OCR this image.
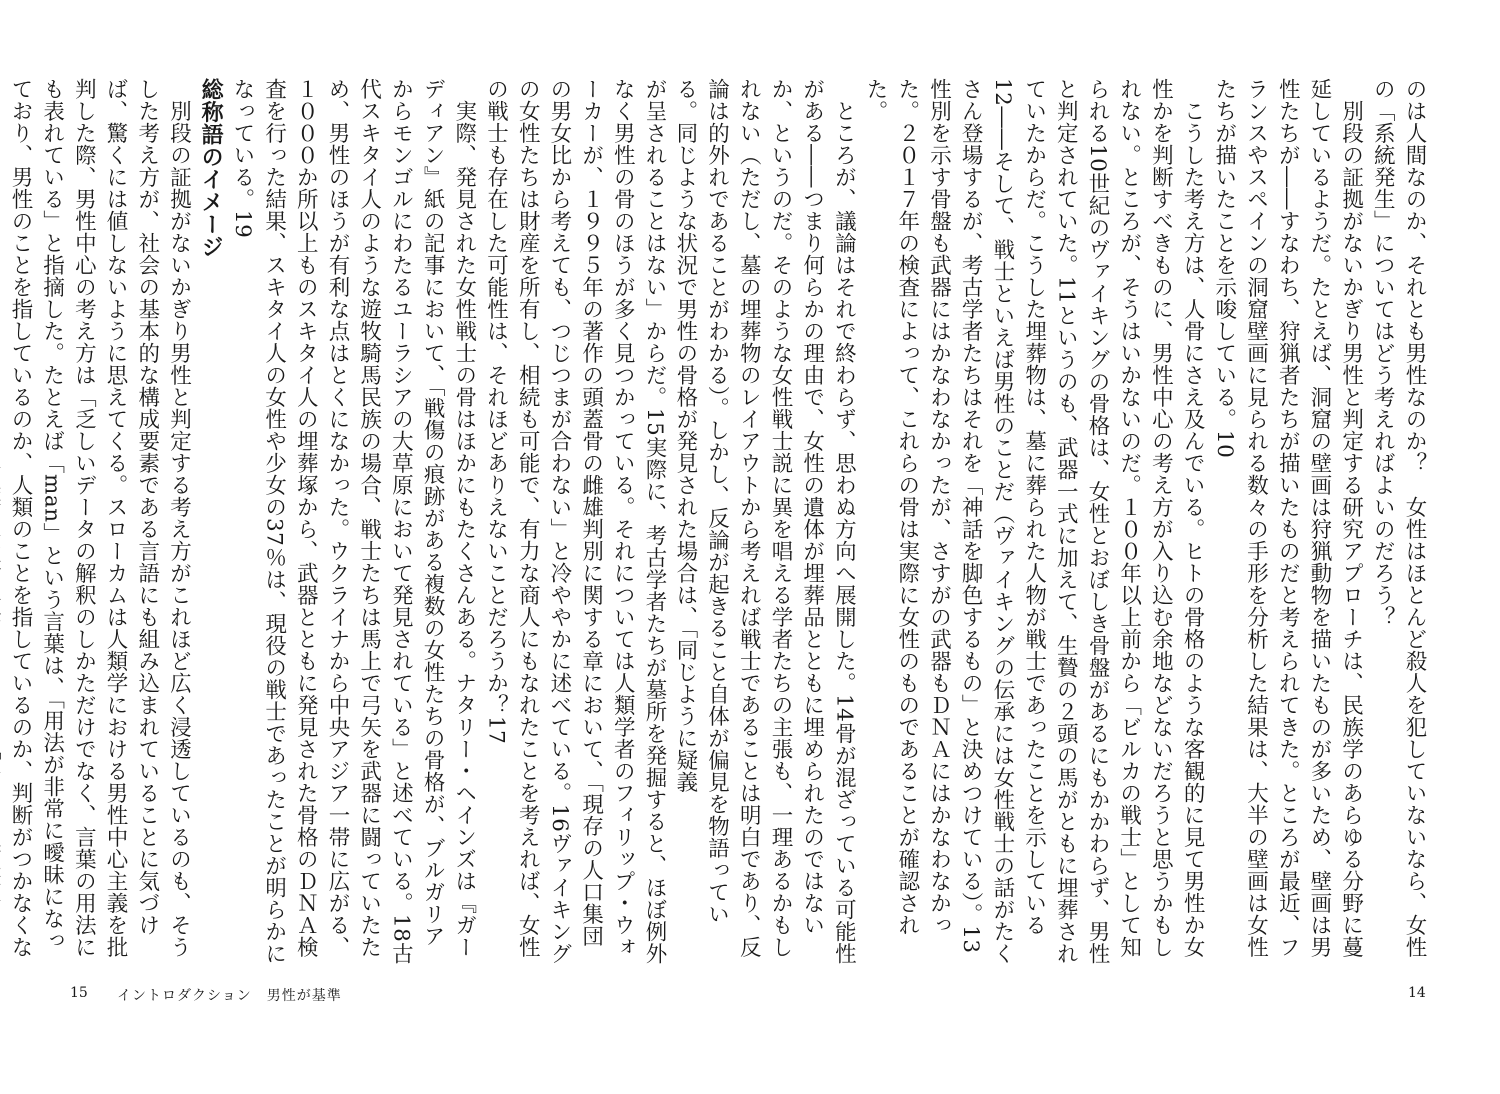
のは人間なのか、それとも男性なのか？　女性はほとんど殺人を犯していないなら、女性の「系統発生」についてはどう考えればよいのだろう？

別段の証拠がないかぎり男性と判定する研究アプローチは、民族学のあらゆる分野に蔓延しているようだ。たとえば、洞窟の壁画は狩猟動物を描いたものが多いため、壁画は男性たちが――すなわち、狩猟者たちが描いたものだと考えられてきた。ところが最近、フランスやスペインの洞窟壁画に見られる数々の手形を分析した結果は、大半の壁画は女性たちが描いたことを示唆している。10

こうした考え方は、人骨にさえ及んでいる。ヒトの骨格のような客観的に見て男性か女性かを判断すべきものに、男性中心の考え方が入り込む余地などないだろうと思うかもしれない。ところが、そうはいかないのだ。１００年以上前から「ビルカの戦士」として知られる10世紀のヴァイキングの骨格は、女性とおぼしき骨盤があるにもかかわらず、男性と判定されていた。11というのも、武器一式に加えて、生贄の２頭の馬がともに埋葬されていたからだ。こうした埋葬物は、墓に葬られた人物が戦士であったことを示している12――そして、戦士といえば男性のことだ（ヴァイキングの伝承には女性戦士の話がたくさん登場するが、考古学者たちはそれを「神話を脚色するもの」と決めつけている）。13性別を示す骨盤も武器にはかなわなかったが、さすがの武器もＤＮＡにはかなわなかった。２０１７年の検査によって、これらの骨は実際に女性のものであることが確認された。

ところが、議論はそれで終わらず、思わぬ方向へ展開した。14骨が混ざっている可能性がある――つまり何らかの理由で、女性の遺体が埋葬品とともに埋められたのではないか、というのだ。そのような女性戦士説に異を唱える学者たちの主張も、一理あるかもしれない（ただし、墓の埋葬物のレイアウトから考えれば戦士であることは明白であり、反論は的外れであることがわかる）。しかし、反論が起きること自体が偏見を物語っている。同じような状況で男性の骨格が発見された場合は、「同じように疑義

が呈されることはない」からだ。15実際に、考古学者たちが墓所を発掘すると、ほぼ例外なく男性の骨のほうが多く見つかっている。それについては人類学者のフィリップ・ウォーカーが、１９９５年の著作の頭蓋骨の雌雄判別に関する章において、「現存の人口集団の男女比から考えても、つじつまが合わない」と冷ややかに述べている。16ヴァイキングの女性たちは財産を所有し、相続も可能で、有力な商人にもなれたことを考えれば、女性の戦士も存在した可能性は、それほどありえないことだろうか？17

実際、発見された女性戦士の骨はほかにもたくさんある。ナタリー・ヘインズは『ガーディアン』紙の記事において、「戦傷の痕跡がある複数の女性たちの骨格が、ブルガリアからモンゴルにわたるユーラシアの大草原において発見されている」と述べている。18古代スキタイ人のような遊牧騎馬民族の場合、戦士たちは馬上で弓矢を武器に闘っていたため、男性のほうが有利な点はとくになかった。ウクライナから中央アジア一帯に広がる、１０００か所以上ものスキタイ人の埋葬塚から、武器とともに発見された骨格のＤＮＡ検査を行った結果、スキタイ人の女性や少女の37％は、現役の戦士であったことが明らかになっている。19

総称語のイメージ

別段の証拠がないかぎり男性と判定する考え方がこれほど広く浸透しているのも、そうした考え方が、社会の基本的な構成要素である言語にも組み込まれていることに気づけば、驚くには値しないように思えてくる。スローカムは人類学における男性中心主義を批判した際、男性中心の考え方は「乏しいデータの解釈のしかただけでなく、言葉の用法にも表れている」と指摘した。たとえば「man」という言葉は、「用法が非常に曖昧になっており、男性のことを指しているのか、人類のことを指しているのか、判断がつかなくな

15 イントロダクション　男性が基準	14
